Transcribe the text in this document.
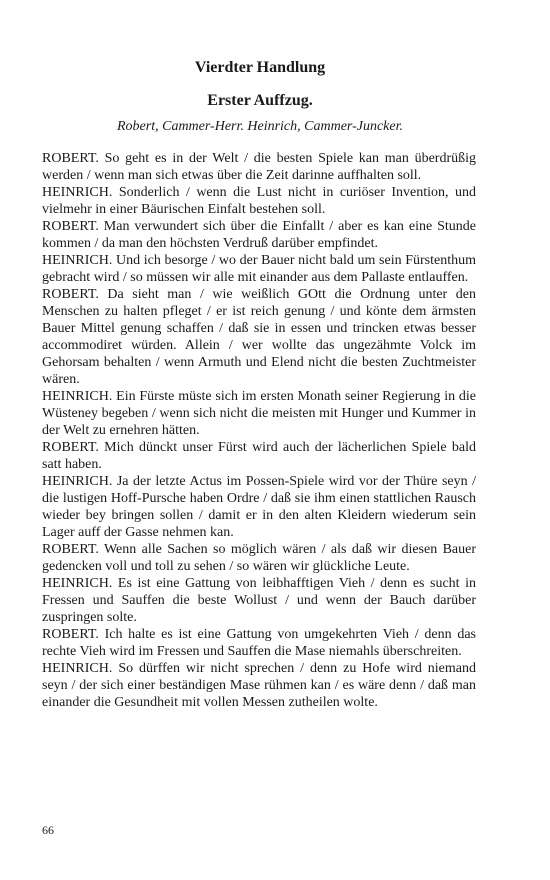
Vierdter Handlung
Erster Auffzug.

Robert, Cammer-Herr. Heinrich, Cammer-Juncker.

ROBERT. So geht es in der Welt / die besten Spiele kan man überdrüßig werden / wenn man sich etwas über die Zeit darinne auffhalten soll.

HEINRICH. Sonderlich / wenn die Lust nicht in curiöser Invention, und vielmehr in einer Bäurischen Einfalt bestehen soll.

ROBERT. Man verwundert sich über die Einfallt / aber es kan eine Stunde kommen / da man den höchsten Verdruß darüber empfindet.

HEINRICH. Und ich besorge / wo der Bauer nicht bald um sein Fürstenthum gebracht wird / so müssen wir alle mit einander aus dem Pallaste entlauffen.

ROBERT. Da sieht man / wie weißlich GOtt die Ordnung unter den Menschen zu halten pfleget / er ist reich genung / und könte dem ärmsten Bauer Mittel genung schaffen / daß sie in essen und trincken etwas besser accommodiret würden. Allein / wer wollte das ungezähmte Volck im Gehorsam behalten / wenn Armuth und Elend nicht die besten Zuchtmeister wären.

HEINRICH. Ein Fürste müste sich im ersten Monath seiner Regierung in die Wüsteney begeben / wenn sich nicht die meisten mit Hunger und Kummer in der Welt zu ernehren hätten.

ROBERT. Mich dünckt unser Fürst wird auch der lächerlichen Spiele bald satt haben.

HEINRICH. Ja der letzte Actus im Possen-Spiele wird vor der Thüre seyn / die lustigen Hoff-Pursche haben Ordre / daß sie ihm einen stattlichen Rausch wieder bey bringen sollen / damit er in den alten Kleidern wiederum sein Lager auff der Gasse nehmen kan.

ROBERT. Wenn alle Sachen so möglich wären / als daß wir diesen Bauer gedencken voll und toll zu sehen / so wären wir glückliche Leute.

HEINRICH. Es ist eine Gattung von leibhafftigen Vieh / denn es sucht in Fressen und Sauffen die beste Wollust / und wenn der Bauch darüber zuspringen solte.

ROBERT. Ich halte es ist eine Gattung von umgekehrten Vieh / denn das rechte Vieh wird im Fressen und Sauffen die Mase niemahls überschreiten.

HEINRICH. So dürffen wir nicht sprechen / denn zu Hofe wird niemand seyn / der sich einer beständigen Mase rühmen kan / es wäre denn / daß man einander die Gesundheit mit vollen Messen zutheilen wolte.

66
